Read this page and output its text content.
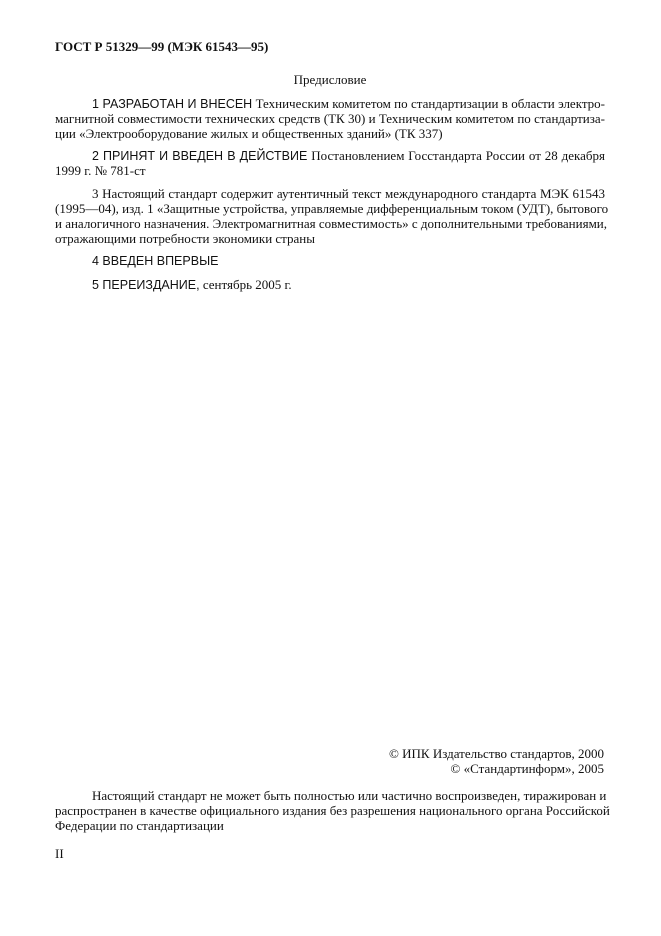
ГОСТ Р 51329—99 (МЭК 61543—95)
Предисловие
1 РАЗРАБОТАН И ВНЕСЕН Техническим комитетом по стандартизации в области электро-
магнитной совместимости технических средств (ТК 30) и Техническим комитетом по стандартиза-
ции «Электрооборудование жилых и общественных зданий» (ТК 337)
2 ПРИНЯТ И ВВЕДЕН В ДЕЙСТВИЕ Постановлением Госстандарта России от 28 декабря
1999 г. № 781-ст
3 Настоящий стандарт содержит аутентичный текст международного стандарта МЭК 61543
(1995—04), изд. 1 «Защитные устройства, управляемые дифференциальным током (УДТ), бытового
и аналогичного назначения. Электромагнитная совместимость» с дополнительными требованиями,
отражающими потребности экономики страны
4 ВВЕДЕН ВПЕРВЫЕ
5 ПЕРЕИЗДАНИЕ, сентябрь 2005 г.
© ИПК Издательство стандартов, 2000
© «Стандартинформ», 2005
Настоящий стандарт не может быть полностью или частично воспроизведен, тиражирован и
распространен в качестве официального издания без разрешения национального органа Российской
Федерации по стандартизации
II
